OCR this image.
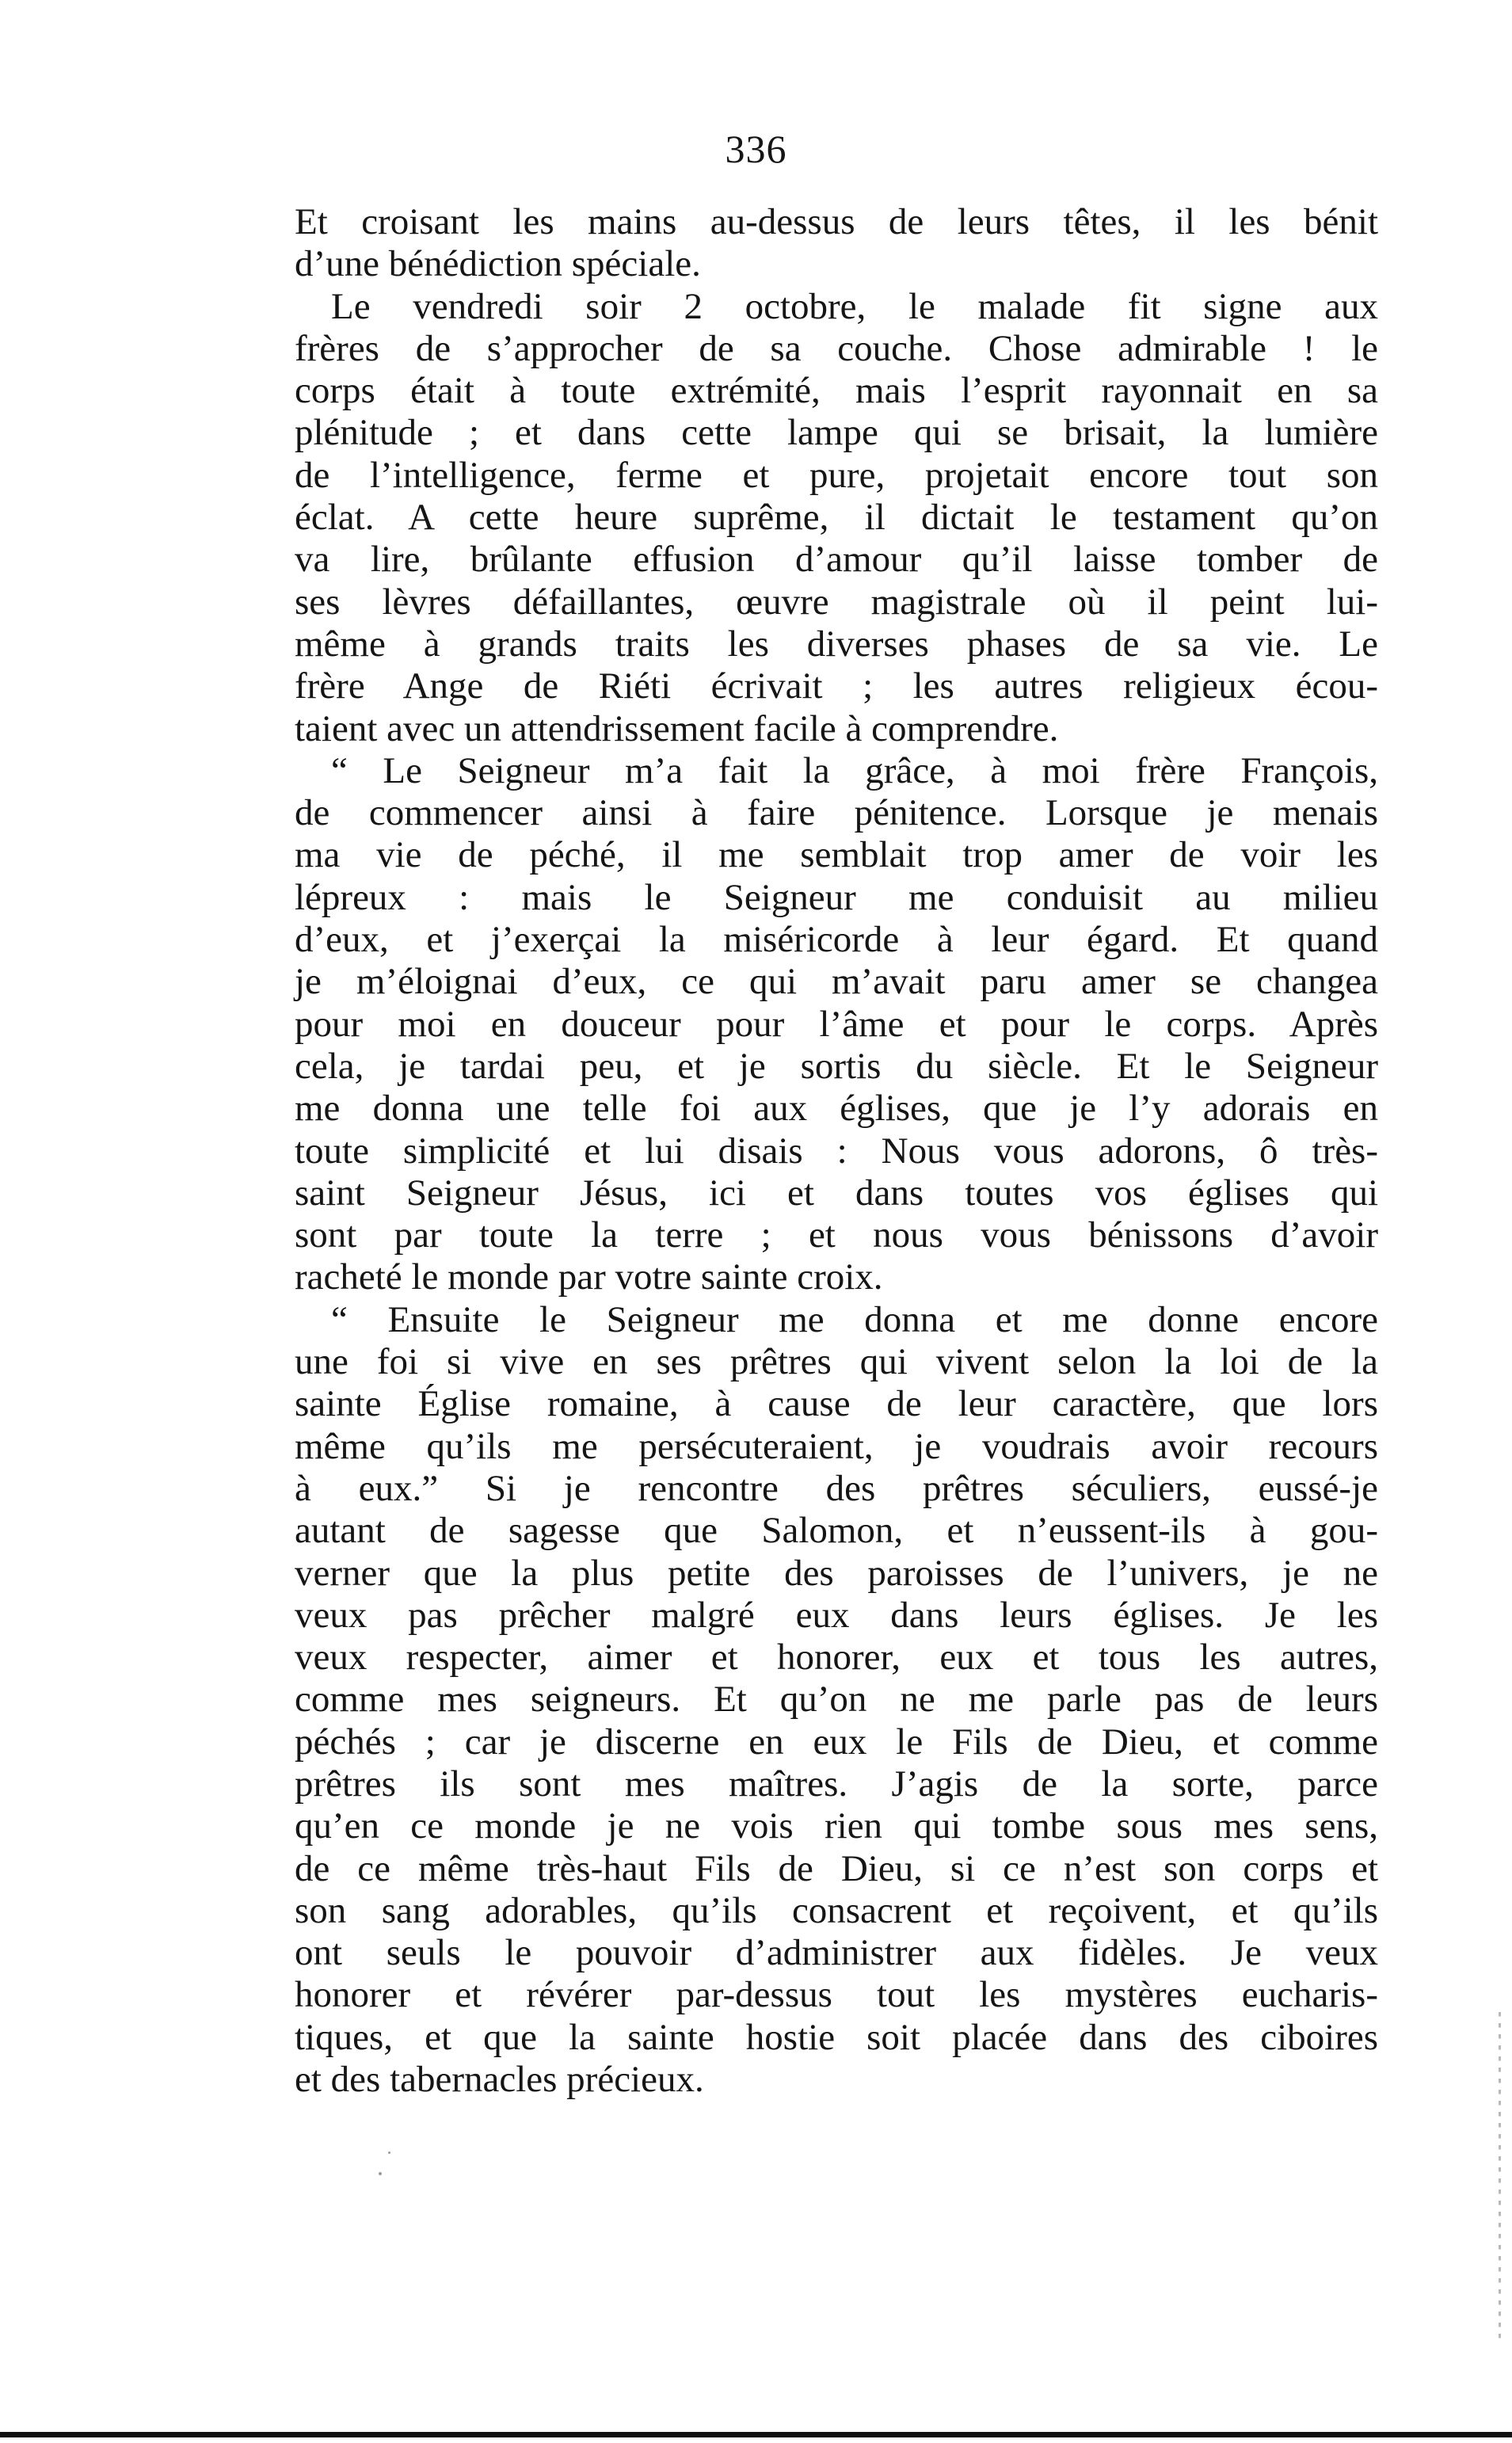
336
Et croisant les mains au-dessus de leurs têtes, il les bénit
d’une bénédiction spéciale.
Le vendredi soir 2 octobre, le malade fit signe aux
frères de s’approcher de sa couche. Chose admirable ! le
corps était à toute extrémité, mais l’esprit rayonnait en sa
plénitude ; et dans cette lampe qui se brisait, la lumière
de l’intelligence, ferme et pure, projetait encore tout son
éclat. A cette heure suprême, il dictait le testament qu’on
va lire, brûlante effusion d’amour qu’il laisse tomber de
ses lèvres défaillantes, œuvre magistrale où il peint lui-
même à grands traits les diverses phases de sa vie. Le
frère Ange de Riéti écrivait ; les autres religieux écou-
taient avec un attendrissement facile à comprendre.
“ Le Seigneur m’a fait la grâce, à moi frère François,
de commencer ainsi à faire pénitence. Lorsque je menais
ma vie de péché, il me semblait trop amer de voir les
lépreux : mais le Seigneur me conduisit au milieu
d’eux, et j’exerçai la miséricorde à leur égard. Et quand
je m’éloignai d’eux, ce qui m’avait paru amer se changea
pour moi en douceur pour l’âme et pour le corps. Après
cela, je tardai peu, et je sortis du siècle. Et le Seigneur
me donna une telle foi aux églises, que je l’y adorais en
toute simplicité et lui disais : Nous vous adorons, ô très-
saint Seigneur Jésus, ici et dans toutes vos églises qui
sont par toute la terre ; et nous vous bénissons d’avoir
racheté le monde par votre sainte croix.
“ Ensuite le Seigneur me donna et me donne encore
une foi si vive en ses prêtres qui vivent selon la loi de la
sainte Église romaine, à cause de leur caractère, que lors
même qu’ils me persécuteraient, je voudrais avoir recours
à eux.” Si je rencontre des prêtres séculiers, eussé-je
autant de sagesse que Salomon, et n’eussent-ils à gou-
verner que la plus petite des paroisses de l’univers, je ne
veux pas prêcher malgré eux dans leurs églises. Je les
veux respecter, aimer et honorer, eux et tous les autres,
comme mes seigneurs. Et qu’on ne me parle pas de leurs
péchés ; car je discerne en eux le Fils de Dieu, et comme
prêtres ils sont mes maîtres. J’agis de la sorte, parce
qu’en ce monde je ne vois rien qui tombe sous mes sens,
de ce même très-haut Fils de Dieu, si ce n’est son corps et
son sang adorables, qu’ils consacrent et reçoivent, et qu’ils
ont seuls le pouvoir d’administrer aux fidèles. Je veux
honorer et révérer par-dessus tout les mystères eucharis-
tiques, et que la sainte hostie soit placée dans des ciboires
et des tabernacles précieux.
